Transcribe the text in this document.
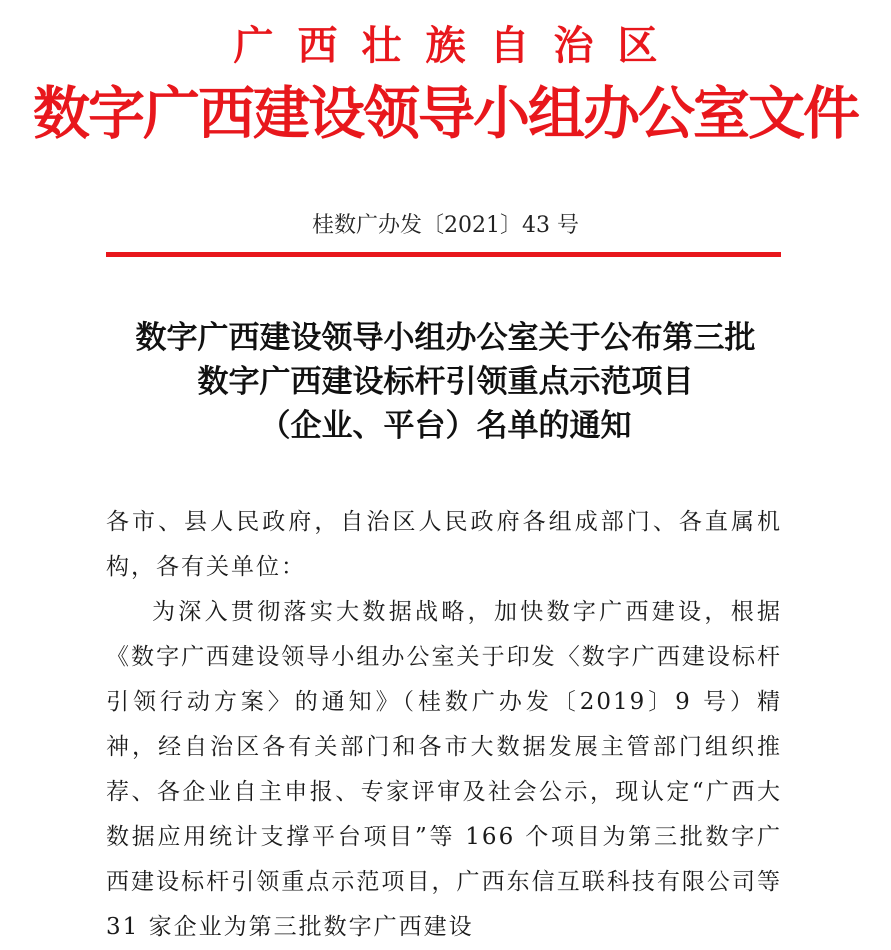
广西壮族自治区
数字广西建设领导小组办公室文件
桂数广办发〔2021〕43 号
数字广西建设领导小组办公室关于公布第三批
数字广西建设标杆引领重点示范项目
（企业、平台）名单的通知

各市、县人民政府，自治区人民政府各组成部门、各直属机构，各有关单位：

为深入贯彻落实大数据战略，加快数字广西建设，根据《数字广西建设领导小组办公室关于印发〈数字广西建设标杆引领行动方案〉的通知》（桂数广办发〔2019〕9 号）精神，经自治区各有关部门和各市大数据发展主管部门组织推荐、各企业自主申报、专家评审及社会公示，现认定“广西大数据应用统计支撑平台项目”等 166 个项目为第三批数字广西建设标杆引领重点示范项目，广西东信互联科技有限公司等 31 家企业为第三批数字广西建设
